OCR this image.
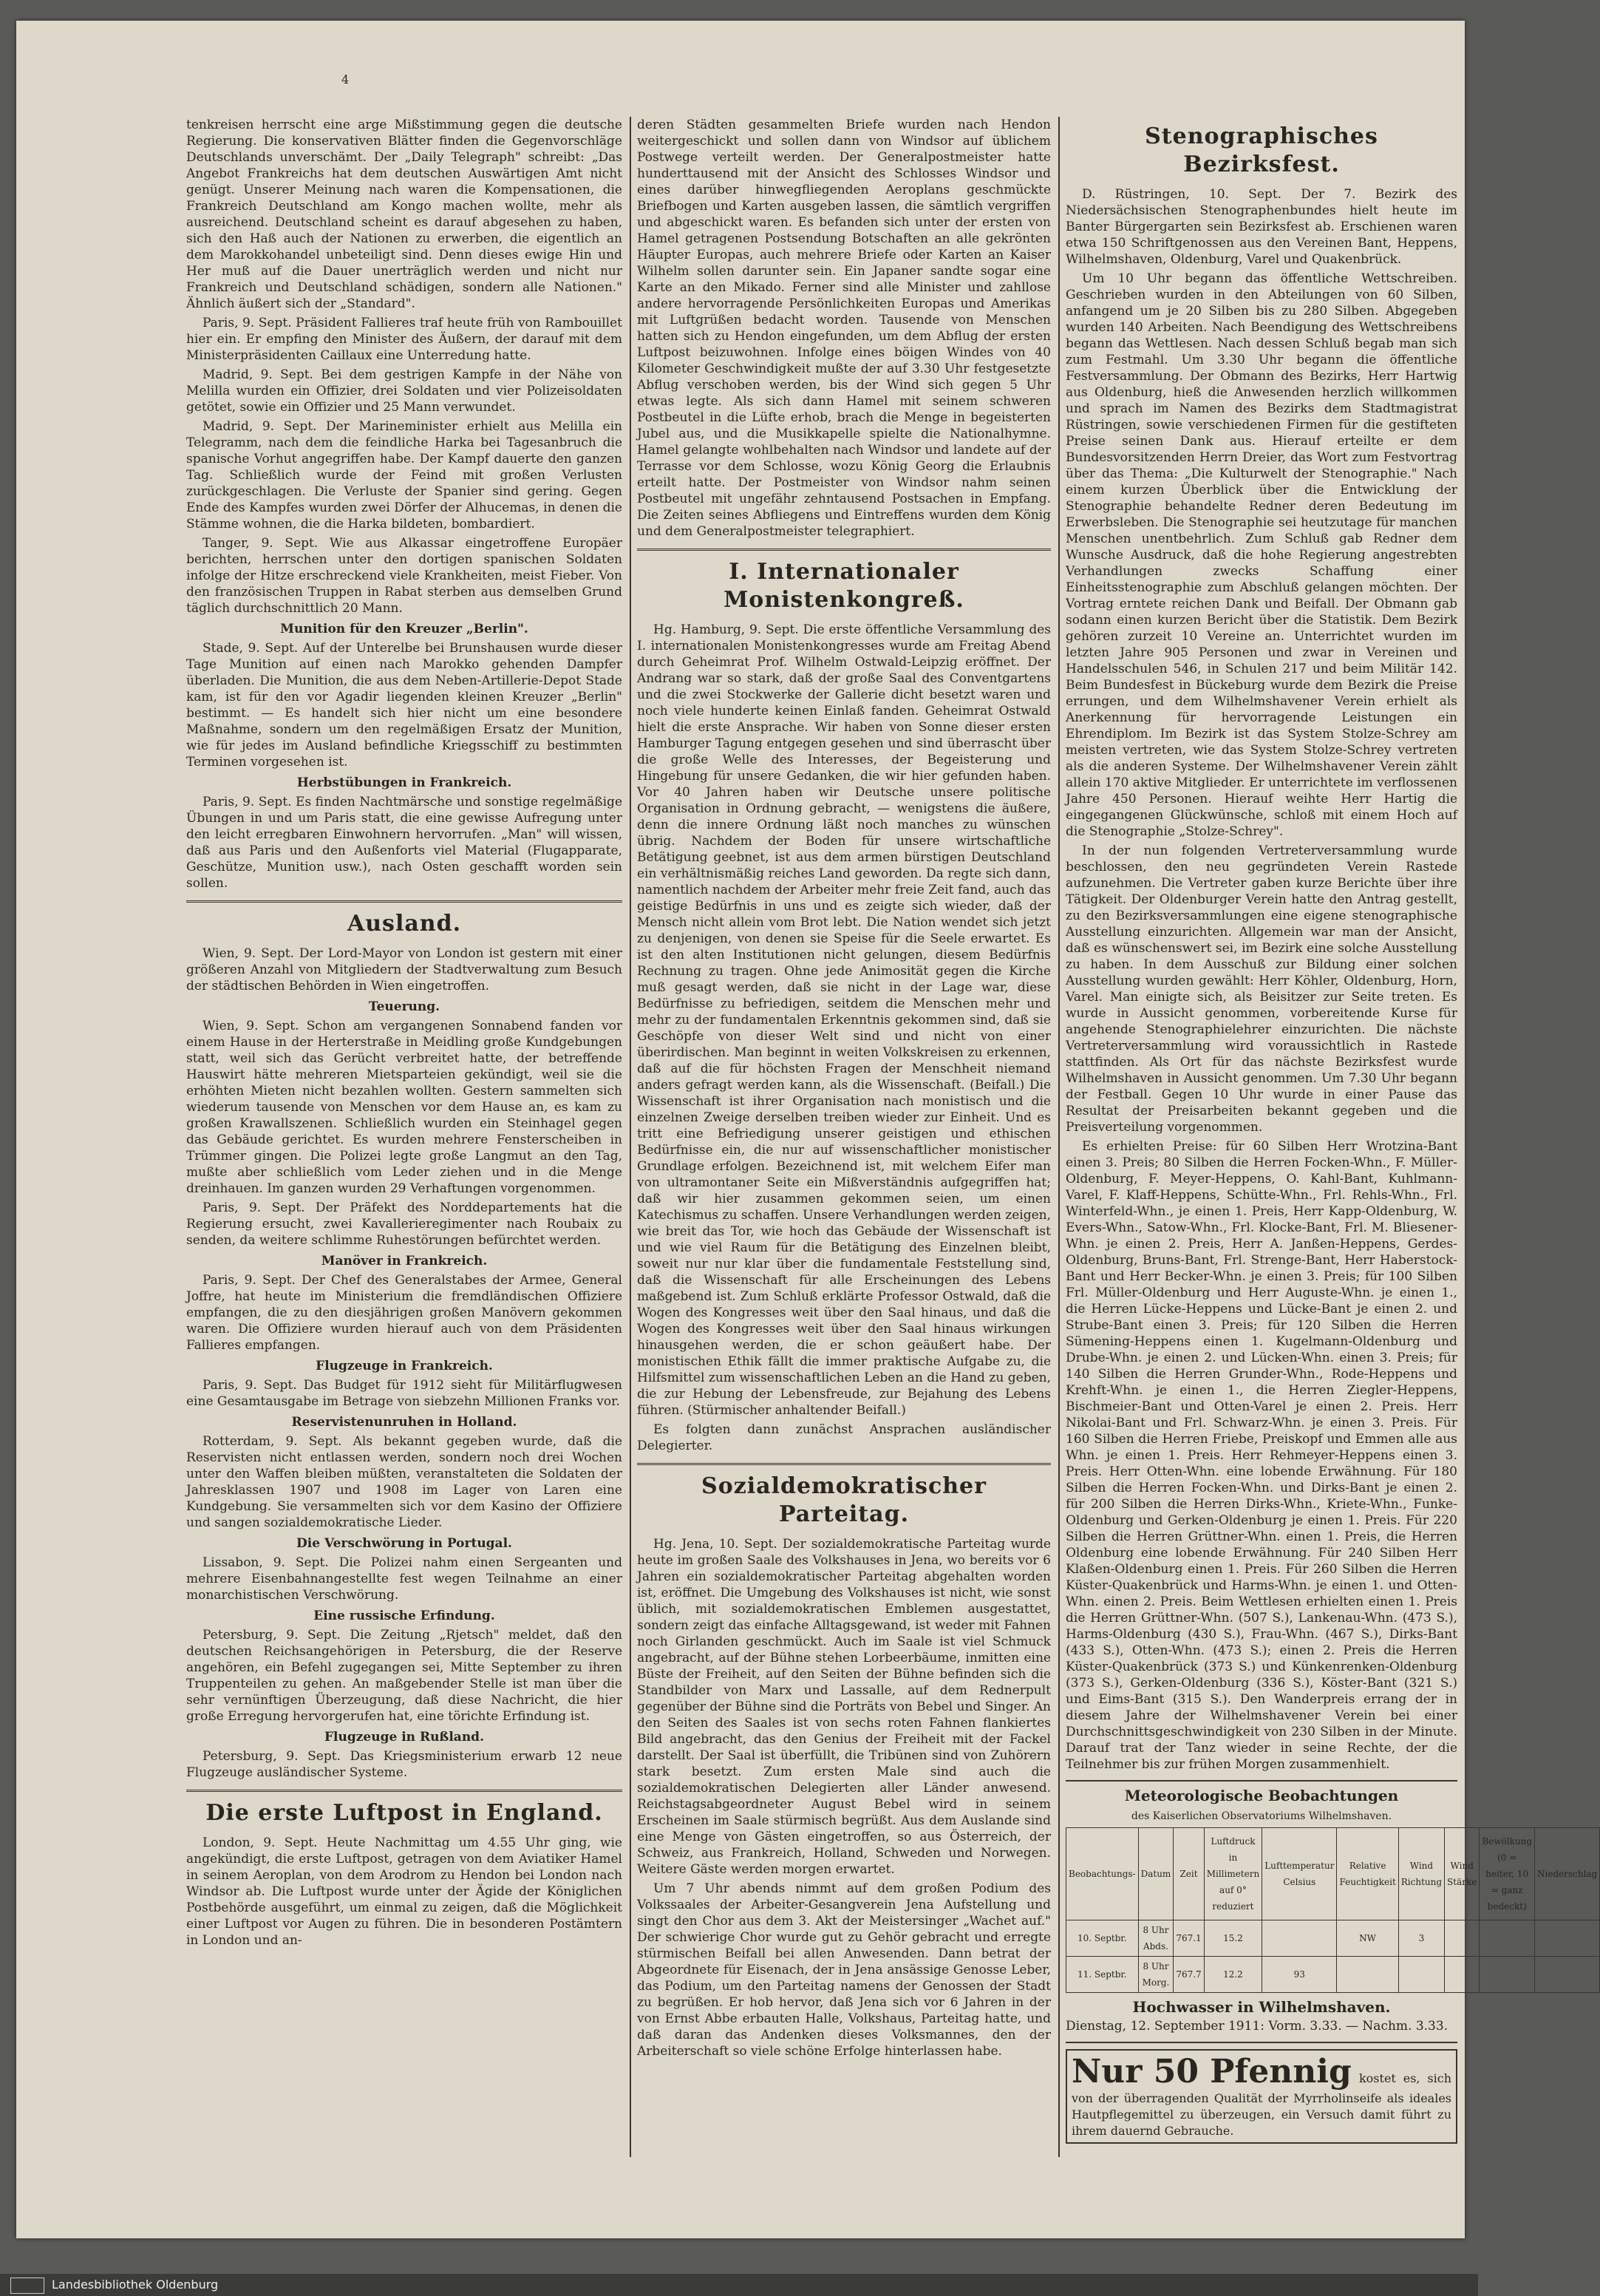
4

tenkreisen herrscht eine arge Mißstimmung gegen die deutsche Regierung. Die konservativen Blätter finden die Gegenvorschläge Deutschlands unverschämt. Der „Daily Telegraph" schreibt: „Das Angebot Frankreichs hat dem deutschen Auswärtigen Amt nicht genügt. Unserer Meinung nach waren die Kompensationen, die Frankreich Deutschland am Kongo machen wollte, mehr als ausreichend. Deutschland scheint es darauf abgesehen zu haben, sich den Haß auch der Nationen zu erwerben, die eigentlich an dem Marokkohandel unbeteiligt sind. Denn dieses ewige Hin und Her muß auf die Dauer unerträglich werden und nicht nur Frankreich und Deutschland schädigen, sondern alle Nationen." Ähnlich äußert sich der „Standard".

Paris, 9. Sept. Präsident Fallieres traf heute früh von Rambouillet hier ein. Er empfing den Minister des Äußern, der darauf mit dem Ministerpräsidenten Caillaux eine Unterredung hatte.

Madrid, 9. Sept. Bei dem gestrigen Kampfe in der Nähe von Melilla wurden ein Offizier, drei Soldaten und vier Polizeisoldaten getötet, sowie ein Offizier und 25 Mann verwundet.

Madrid, 9. Sept. Der Marineminister erhielt aus Melilla ein Telegramm, nach dem die feindliche Harka bei Tagesanbruch die spanische Vorhut angegriffen habe. Der Kampf dauerte den ganzen Tag. Schließlich wurde der Feind mit großen Verlusten zurückgeschlagen. Die Verluste der Spanier sind gering. Gegen Ende des Kampfes wurden zwei Dörfer der Alhucemas, in denen die Stämme wohnen, die die Harka bildeten, bombardiert.

Tanger, 9. Sept. Wie aus Alkassar eingetroffene Europäer berichten, herrschen unter den dortigen spanischen Soldaten infolge der Hitze erschreckend viele Krankheiten, meist Fieber. Von den französischen Truppen in Rabat sterben aus demselben Grund täglich durchschnittlich 20 Mann.

Munition für den Kreuzer „Berlin".

Stade, 9. Sept. Auf der Unterelbe bei Brunshausen wurde dieser Tage Munition auf einen nach Marokko gehenden Dampfer überladen. Die Munition, die aus dem Neben-Artillerie-Depot Stade kam, ist für den vor Agadir liegenden kleinen Kreuzer „Berlin" bestimmt. — Es handelt sich hier nicht um eine besondere Maßnahme, sondern um den regelmäßigen Ersatz der Munition, wie für jedes im Ausland befindliche Kriegsschiff zu bestimmten Terminen vorgesehen ist.

Herbstübungen in Frankreich.

Paris, 9. Sept. Es finden Nachtmärsche und sonstige regelmäßige Übungen in und um Paris statt, die eine gewisse Aufregung unter den leicht erregbaren Einwohnern hervorrufen. „Man" will wissen, daß aus Paris und den Außenforts viel Material (Flugapparate, Geschütze, Munition usw.), nach Osten geschafft worden sein sollen.

Ausland.

Wien, 9. Sept. Der Lord-Mayor von London ist gestern mit einer größeren Anzahl von Mitgliedern der Stadtverwaltung zum Besuch der städtischen Behörden in Wien eingetroffen.

Teuerung.

Wien, 9. Sept. Schon am vergangenen Sonnabend fanden vor einem Hause in der Herterstraße in Meidling große Kundgebungen statt, weil sich das Gerücht verbreitet hatte, der betreffende Hauswirt hätte mehreren Mietsparteien gekündigt, weil sie die erhöhten Mieten nicht bezahlen wollten. Gestern sammelten sich wiederum tausende von Menschen vor dem Hause an, es kam zu großen Krawallszenen. Schließlich wurden ein Steinhagel gegen das Gebäude gerichtet. Es wurden mehrere Fensterscheiben in Trümmer gingen. Die Polizei legte große Langmut an den Tag, mußte aber schließlich vom Leder ziehen und in die Menge dreinhauen. Im ganzen wurden 29 Verhaftungen vorgenommen.

Paris, 9. Sept. Der Präfekt des Norddepartements hat die Regierung ersucht, zwei Kavallerieregimenter nach Roubaix zu senden, da weitere schlimme Ruhestörungen befürchtet werden.

Manöver in Frankreich.

Paris, 9. Sept. Der Chef des Generalstabes der Armee, General Joffre, hat heute im Ministerium die fremdländischen Offiziere empfangen, die zu den diesjährigen großen Manövern gekommen waren. Die Offiziere wurden hierauf auch von dem Präsidenten Fallieres empfangen.

Flugzeuge in Frankreich.

Paris, 9. Sept. Das Budget für 1912 sieht für Militärflugwesen eine Gesamtausgabe im Betrage von siebzehn Millionen Franks vor.

Reservistenunruhen in Holland.

Rotterdam, 9. Sept. Als bekannt gegeben wurde, daß die Reservisten nicht entlassen werden, sondern noch drei Wochen unter den Waffen bleiben müßten, veranstalteten die Soldaten der Jahresklassen 1907 und 1908 im Lager von Laren eine Kundgebung. Sie versammelten sich vor dem Kasino der Offiziere und sangen sozialdemokratische Lieder.

Die Verschwörung in Portugal.

Lissabon, 9. Sept. Die Polizei nahm einen Sergeanten und mehrere Eisenbahnangestellte fest wegen Teilnahme an einer monarchistischen Verschwörung.

Eine russische Erfindung.

Petersburg, 9. Sept. Die Zeitung „Rjetsch" meldet, daß den deutschen Reichsangehörigen in Petersburg, die der Reserve angehören, ein Befehl zugegangen sei, Mitte September zu ihren Truppenteilen zu gehen. An maßgebender Stelle ist man über die sehr vernünftigen Überzeugung, daß diese Nachricht, die hier große Erregung hervorgerufen hat, eine törichte Erfindung ist.

Flugzeuge in Rußland.

Petersburg, 9. Sept. Das Kriegsministerium erwarb 12 neue Flugzeuge ausländischer Systeme.

Die erste Luftpost in England.

London, 9. Sept. Heute Nachmittag um 4.55 Uhr ging, wie angekündigt, die erste Luftpost, getragen von dem Aviatiker Hamel in seinem Aeroplan, von dem Arodrom zu Hendon bei London nach Windsor ab. Die Luftpost wurde unter der Ägide der Königlichen Postbehörde ausgeführt, um einmal zu zeigen, daß die Möglichkeit einer Luftpost vor Augen zu führen. Die in besonderen Postämtern in London und an-

deren Städten gesammelten Briefe wurden nach Hendon weitergeschickt und sollen dann von Windsor auf üblichem Postwege verteilt werden. Der Generalpostmeister hatte hunderttausend mit der Ansicht des Schlosses Windsor und eines darüber hinwegfliegenden Aeroplans geschmückte Briefbogen und Karten ausgeben lassen, die sämtlich vergriffen und abgeschickt waren. Es befanden sich unter der ersten von Hamel getragenen Postsendung Botschaften an alle gekrönten Häupter Europas, auch mehrere Briefe oder Karten an Kaiser Wilhelm sollen darunter sein. Ein Japaner sandte sogar eine Karte an den Mikado. Ferner sind alle Minister und zahllose andere hervorragende Persönlichkeiten Europas und Amerikas mit Luftgrüßen bedacht worden. Tausende von Menschen hatten sich zu Hendon eingefunden, um dem Abflug der ersten Luftpost beizuwohnen. Infolge eines böigen Windes von 40 Kilometer Geschwindigkeit mußte der auf 3.30 Uhr festgesetzte Abflug verschoben werden, bis der Wind sich gegen 5 Uhr etwas legte. Als sich dann Hamel mit seinem schweren Postbeutel in die Lüfte erhob, brach die Menge in begeisterten Jubel aus, und die Musikkapelle spielte die Nationalhymne. Hamel gelangte wohlbehalten nach Windsor und landete auf der Terrasse vor dem Schlosse, wozu König Georg die Erlaubnis erteilt hatte. Der Postmeister von Windsor nahm seinen Postbeutel mit ungefähr zehntausend Postsachen in Empfang. Die Zeiten seines Abfliegens und Eintreffens wurden dem König und dem Generalpostmeister telegraphiert.

I. Internationaler Monistenkongreß.

Hg. Hamburg, 9. Sept. Die erste öffentliche Versammlung des I. internationalen Monistenkongresses wurde am Freitag Abend durch Geheimrat Prof. Wilhelm Ostwald-Leipzig eröffnet. Der Andrang war so stark, daß der große Saal des Conventgartens und die zwei Stockwerke der Gallerie dicht besetzt waren und noch viele hunderte keinen Einlaß fanden. Geheimrat Ostwald hielt die erste Ansprache. Wir haben von Sonne dieser ersten Hamburger Tagung entgegen gesehen und sind überrascht über die große Welle des Interesses, der Begeisterung und Hingebung für unsere Gedanken, die wir hier gefunden haben. Vor 40 Jahren haben wir Deutsche unsere politische Organisation in Ordnung gebracht, — wenigstens die äußere, denn die innere Ordnung läßt noch manches zu wünschen übrig. Nachdem der Boden für unsere wirtschaftliche Betätigung geebnet, ist aus dem armen bürstigen Deutschland ein verhältnismäßig reiches Land geworden. Da regte sich dann, namentlich nachdem der Arbeiter mehr freie Zeit fand, auch das geistige Bedürfnis in uns und es zeigte sich wieder, daß der Mensch nicht allein vom Brot lebt. Die Nation wendet sich jetzt zu denjenigen, von denen sie Speise für die Seele erwartet. Es ist den alten Institutionen nicht gelungen, diesem Bedürfnis Rechnung zu tragen. Ohne jede Animosität gegen die Kirche muß gesagt werden, daß sie nicht in der Lage war, diese Bedürfnisse zu befriedigen, seitdem die Menschen mehr und mehr zu der fundamentalen Erkenntnis gekommen sind, daß sie Geschöpfe von dieser Welt sind und nicht von einer überirdischen. Man beginnt in weiten Volkskreisen zu erkennen, daß auf die für höchsten Fragen der Menschheit niemand anders gefragt werden kann, als die Wissenschaft. (Beifall.) Die Wissenschaft ist ihrer Organisation nach monistisch und die einzelnen Zweige derselben treiben wieder zur Einheit. Und es tritt eine Befriedigung unserer geistigen und ethischen Bedürfnisse ein, die nur auf wissenschaftlicher monistischer Grundlage erfolgen. Bezeichnend ist, mit welchem Eifer man von ultramontaner Seite ein Mißverständnis aufgegriffen hat; daß wir hier zusammen gekommen seien, um einen Katechismus zu schaffen. Unsere Verhandlungen werden zeigen, wie breit das Tor, wie hoch das Gebäude der Wissenschaft ist und wie viel Raum für die Betätigung des Einzelnen bleibt, soweit nur nur klar über die fundamentale Feststellung sind, daß die Wissenschaft für alle Erscheinungen des Lebens maßgebend ist. Zum Schluß erklärte Professor Ostwald, daß die Wogen des Kongresses weit über den Saal hinaus, und daß die Wogen des Kongresses weit über den Saal hinaus wirkungen hinausgehen werden, die er schon geäußert habe. Der monistischen Ethik fällt die immer praktische Aufgabe zu, die Hilfsmittel zum wissenschaftlichen Leben an die Hand zu geben, die zur Hebung der Lebensfreude, zur Bejahung des Lebens führen. (Stürmischer anhaltender Beifall.)

Es folgten dann zunächst Ansprachen ausländischer Delegierter.

Sozialdemokratischer Parteitag.

Hg. Jena, 10. Sept. Der sozialdemokratische Parteitag wurde heute im großen Saale des Volkshauses in Jena, wo bereits vor 6 Jahren ein sozialdemokratischer Parteitag abgehalten worden ist, eröffnet. Die Umgebung des Volkshauses ist nicht, wie sonst üblich, mit sozialdemokratischen Emblemen ausgestattet, sondern zeigt das einfache Alltagsgewand, ist weder mit Fahnen noch Girlanden geschmückt. Auch im Saale ist viel Schmuck angebracht, auf der Bühne stehen Lorbeerbäume, inmitten eine Büste der Freiheit, auf den Seiten der Bühne befinden sich die Standbilder von Marx und Lassalle, auf dem Rednerpult gegenüber der Bühne sind die Porträts von Bebel und Singer. An den Seiten des Saales ist von sechs roten Fahnen flankiertes Bild angebracht, das den Genius der Freiheit mit der Fackel darstellt. Der Saal ist überfüllt, die Tribünen sind von Zuhörern stark besetzt. Zum ersten Male sind auch die sozialdemokratischen Delegierten aller Länder anwesend. Reichstagsabgeordneter August Bebel wird in seinem Erscheinen im Saale stürmisch begrüßt. Aus dem Auslande sind eine Menge von Gästen eingetroffen, so aus Österreich, der Schweiz, aus Frankreich, Holland, Schweden und Norwegen. Weitere Gäste werden morgen erwartet.

Um 7 Uhr abends nimmt auf dem großen Podium des Volkssaales der Arbeiter-Gesangverein Jena Aufstellung und singt den Chor aus dem 3. Akt der Meistersinger „Wachet auf." Der schwierige Chor wurde gut zu Gehör gebracht und erregte stürmischen Beifall bei allen Anwesenden. Dann betrat der Abgeordnete für Eisenach, der in Jena ansässige Genosse Leber, das Podium, um den Parteitag namens der Genossen der Stadt zu begrüßen. Er hob hervor, daß Jena sich vor 6 Jahren in der von Ernst Abbe erbauten Halle, Volkshaus, Parteitag hatte, und daß daran das Andenken dieses Volksmannes, den der Arbeiterschaft so viele schöne Erfolge hinterlassen habe.

Stenographisches Bezirksfest.

D. Rüstringen, 10. Sept. Der 7. Bezirk des Niedersächsischen Stenographenbundes hielt heute im Banter Bürgergarten sein Bezirksfest ab. Erschienen waren etwa 150 Schriftgenossen aus den Vereinen Bant, Heppens, Wilhelmshaven, Oldenburg, Varel und Quakenbrück.

Um 10 Uhr begann das öffentliche Wettschreiben. Geschrieben wurden in den Abteilungen von 60 Silben, anfangend um je 20 Silben bis zu 280 Silben. Abgegeben wurden 140 Arbeiten. Nach Beendigung des Wettschreibens begann das Wettlesen. Nach dessen Schluß begab man sich zum Festmahl. Um 3.30 Uhr begann die öffentliche Festversammlung. Der Obmann des Bezirks, Herr Hartwig aus Oldenburg, hieß die Anwesenden herzlich willkommen und sprach im Namen des Bezirks dem Stadtmagistrat Rüstringen, sowie verschiedenen Firmen für die gestifteten Preise seinen Dank aus. Hierauf erteilte er dem Bundesvorsitzenden Herrn Dreier, das Wort zum Festvortrag über das Thema: „Die Kulturwelt der Stenographie." Nach einem kurzen Überblick über die Entwicklung der Stenographie behandelte Redner deren Bedeutung im Erwerbsleben. Die Stenographie sei heutzutage für manchen Menschen unentbehrlich. Zum Schluß gab Redner dem Wunsche Ausdruck, daß die hohe Regierung angestrebten Verhandlungen zwecks Schaffung einer Einheitsstenographie zum Abschluß gelangen möchten. Der Vortrag erntete reichen Dank und Beifall. Der Obmann gab sodann einen kurzen Bericht über die Statistik. Dem Bezirk gehören zurzeit 10 Vereine an. Unterrichtet wurden im letzten Jahre 905 Personen und zwar in Vereinen und Handelsschulen 546, in Schulen 217 und beim Militär 142. Beim Bundesfest in Bückeburg wurde dem Bezirk die Preise errungen, und dem Wilhelmshavener Verein erhielt als Anerkennung für hervorragende Leistungen ein Ehrendiplom. Im Bezirk ist das System Stolze-Schrey am meisten vertreten, wie das System Stolze-Schrey vertreten als die anderen Systeme. Der Wilhelmshavener Verein zählt allein 170 aktive Mitglieder. Er unterrichtete im verflossenen Jahre 450 Personen. Hierauf weihte Herr Hartig die eingegangenen Glückwünsche, schloß mit einem Hoch auf die Stenographie „Stolze-Schrey".

In der nun folgenden Vertreterversammlung wurde beschlossen, den neu gegründeten Verein Rastede aufzunehmen. Die Vertreter gaben kurze Berichte über ihre Tätigkeit. Der Oldenburger Verein hatte den Antrag gestellt, zu den Bezirksversammlungen eine eigene stenographische Ausstellung einzurichten. Allgemein war man der Ansicht, daß es wünschenswert sei, im Bezirk eine solche Ausstellung zu haben. In dem Ausschuß zur Bildung einer solchen Ausstellung wurden gewählt: Herr Köhler, Oldenburg, Horn, Varel. Man einigte sich, als Beisitzer zur Seite treten. Es wurde in Aussicht genommen, vorbereitende Kurse für angehende Stenographielehrer einzurichten. Die nächste Vertreterversammlung wird voraussichtlich in Rastede stattfinden. Als Ort für das nächste Bezirksfest wurde Wilhelmshaven in Aussicht genommen. Um 7.30 Uhr begann der Festball. Gegen 10 Uhr wurde in einer Pause das Resultat der Preisarbeiten bekannt gegeben und die Preisverteilung vorgenommen.

Es erhielten Preise: für 60 Silben Herr Wrotzina-Bant einen 3. Preis; 80 Silben die Herren Focken-Whn., F. Müller-Oldenburg, F. Meyer-Heppens, O. Kahl-Bant, Kuhlmann-Varel, F. Klaff-Heppens, Schütte-Whn., Frl. Rehls-Whn., Frl. Winterfeld-Whn., je einen 1. Preis, Herr Kapp-Oldenburg, W. Evers-Whn., Satow-Whn., Frl. Klocke-Bant, Frl. M. Bliesener-Whn. je einen 2. Preis, Herr A. Janßen-Heppens, Gerdes-Oldenburg, Bruns-Bant, Frl. Strenge-Bant, Herr Haberstock-Bant und Herr Becker-Whn. je einen 3. Preis; für 100 Silben Frl. Müller-Oldenburg und Herr Auguste-Whn. je einen 1., die Herren Lücke-Heppens und Lücke-Bant je einen 2. und Strube-Bant einen 3. Preis; für 120 Silben die Herren Sümening-Heppens einen 1. Kugelmann-Oldenburg und Drube-Whn. je einen 2. und Lücken-Whn. einen 3. Preis; für 140 Silben die Herren Grunder-Whn., Rode-Heppens und Krehft-Whn. je einen 1., die Herren Ziegler-Heppens, Bischmeier-Bant und Otten-Varel je einen 2. Preis. Herr Nikolai-Bant und Frl. Schwarz-Whn. je einen 3. Preis. Für 160 Silben die Herren Friebe, Preiskopf und Emmen alle aus Whn. je einen 1. Preis. Herr Rehmeyer-Heppens einen 3. Preis. Herr Otten-Whn. eine lobende Erwähnung. Für 180 Silben die Herren Focken-Whn. und Dirks-Bant je einen 2. für 200 Silben die Herren Dirks-Whn., Kriete-Whn., Funke-Oldenburg und Gerken-Oldenburg je einen 1. Preis. Für 220 Silben die Herren Grüttner-Whn. einen 1. Preis, die Herren Oldenburg eine lobende Erwähnung. Für 240 Silben Herr Klaßen-Oldenburg einen 1. Preis. Für 260 Silben die Herren Küster-Quakenbrück und Harms-Whn. je einen 1. und Otten-Whn. einen 2. Preis. Beim Wettlesen erhielten einen 1. Preis die Herren Grüttner-Whn. (507 S.), Lankenau-Whn. (473 S.), Harms-Oldenburg (430 S.), Frau-Whn. (467 S.), Dirks-Bant (433 S.), Otten-Whn. (473 S.); einen 2. Preis die Herren Küster-Quakenbrück (373 S.) und Künkenrenken-Oldenburg (373 S.), Gerken-Oldenburg (336 S.), Köster-Bant (321 S.) und Eims-Bant (315 S.). Den Wanderpreis errang der in diesem Jahre der Wilhelmshavener Verein bei einer Durchschnittsgeschwindigkeit von 230 Silben in der Minute. Darauf trat der Tanz wieder in seine Rechte, der die Teilnehmer bis zur frühen Morgen zusammenhielt.

Meteorologische Beobachtungen
des Kaiserlichen Observatoriums Wilhelmshaven.
Beobachtungs-	Datum	Zeit	Luftdruck in Millimetern auf 0° reduziert	Lufttemperatur Celsius	Relative Feuchtigkeit	Wind Richtung	Wind Stärke	Bewölkung (0 = heiter, 10 = ganz bedeckt)	Niederschlag
10. Septbr.	8 Uhr Abds.	767.1	15.2		NW	3			
11. Septbr.	8 Uhr Morg.	767.7	12.2	93					
Hochwasser in Wilhelmshaven.

Dienstag, 12. September 1911: Vorm. 3.33. — Nachm. 3.33.

Nur 50 Pfennig kostet es, sich von der überragenden Qualität der Myrrholinseife als ideales Hautpflegemittel zu überzeugen, ein Versuch damit führt zu ihrem dauernd Gebrauche.
Landesbibliothek Oldenburg
